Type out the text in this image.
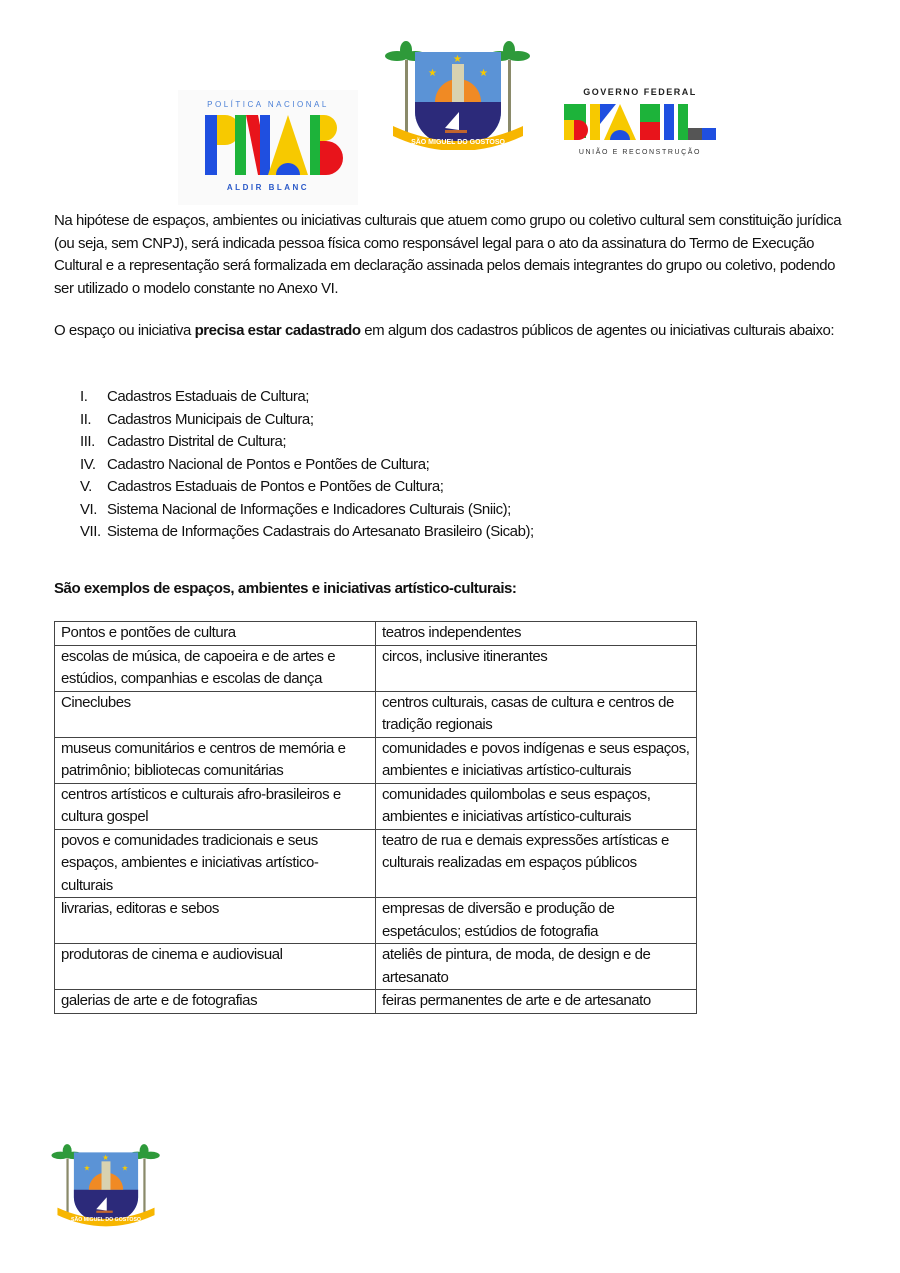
POLÍTICA NACIONAL
ALDIR BLANC
★
★
★
SÃO MIGUEL DO GOSTOSO
GOVERNO FEDERAL
UNIÃO E RECONSTRUÇÃO
Na hipótese de espaços, ambientes ou iniciativas culturais que atuem como grupo ou coletivo cultural sem constituição jurídica (ou seja, sem CNPJ), será indicada pessoa física como responsável legal para o ato da assinatura do Termo de Execução Cultural e a representação será formalizada em declaração assinada pelos demais integrantes do grupo ou coletivo, podendo ser utilizado o modelo constante no Anexo VI.
O espaço ou iniciativa precisa estar cadastrado em algum dos cadastros públicos de agentes ou iniciativas culturais abaixo:
I.	Cadastros Estaduais de Cultura;
II.	Cadastros Municipais de Cultura;
III. Cadastro Distrital de Cultura;
IV. Cadastro Nacional de Pontos e Pontões de Cultura;
V.	Cadastros Estaduais de Pontos e Pontões de Cultura;
VI. Sistema Nacional de Informações e Indicadores Culturais (Sniic);
VII. Sistema de Informações Cadastrais do Artesanato Brasileiro (Sicab);
São exemplos de espaços, ambientes e iniciativas artístico-culturais:
Pontos e pontões de cultura	teatros independentes
escolas de música, de capoeira e de artes e estúdios, companhias e escolas de dança	circos, inclusive itinerantes
Cineclubes	centros culturais, casas de cultura e centros de tradição regionais
museus comunitários e centros de memória e patrimônio; bibliotecas comunitárias	comunidades e povos indígenas e seus espaços, ambientes e iniciativas artístico-culturais
centros artísticos e culturais afro-brasileiros e cultura gospel	comunidades quilombolas e seus espaços, ambientes e iniciativas artístico-culturais
povos e comunidades tradicionais e seus espaços, ambientes e iniciativas artístico-culturais	teatro de rua e demais expressões artísticas e culturais realizadas em espaços públicos
livrarias, editoras e sebos	empresas de diversão e produção de espetáculos; estúdios de fotografia
produtoras de cinema e audiovisual	ateliês de pintura, de moda, de design e de artesanato
galerias de arte e de fotografias	feiras permanentes de arte e de artesanato
★
★
★
SÃO MIGUEL DO GOSTOSO
